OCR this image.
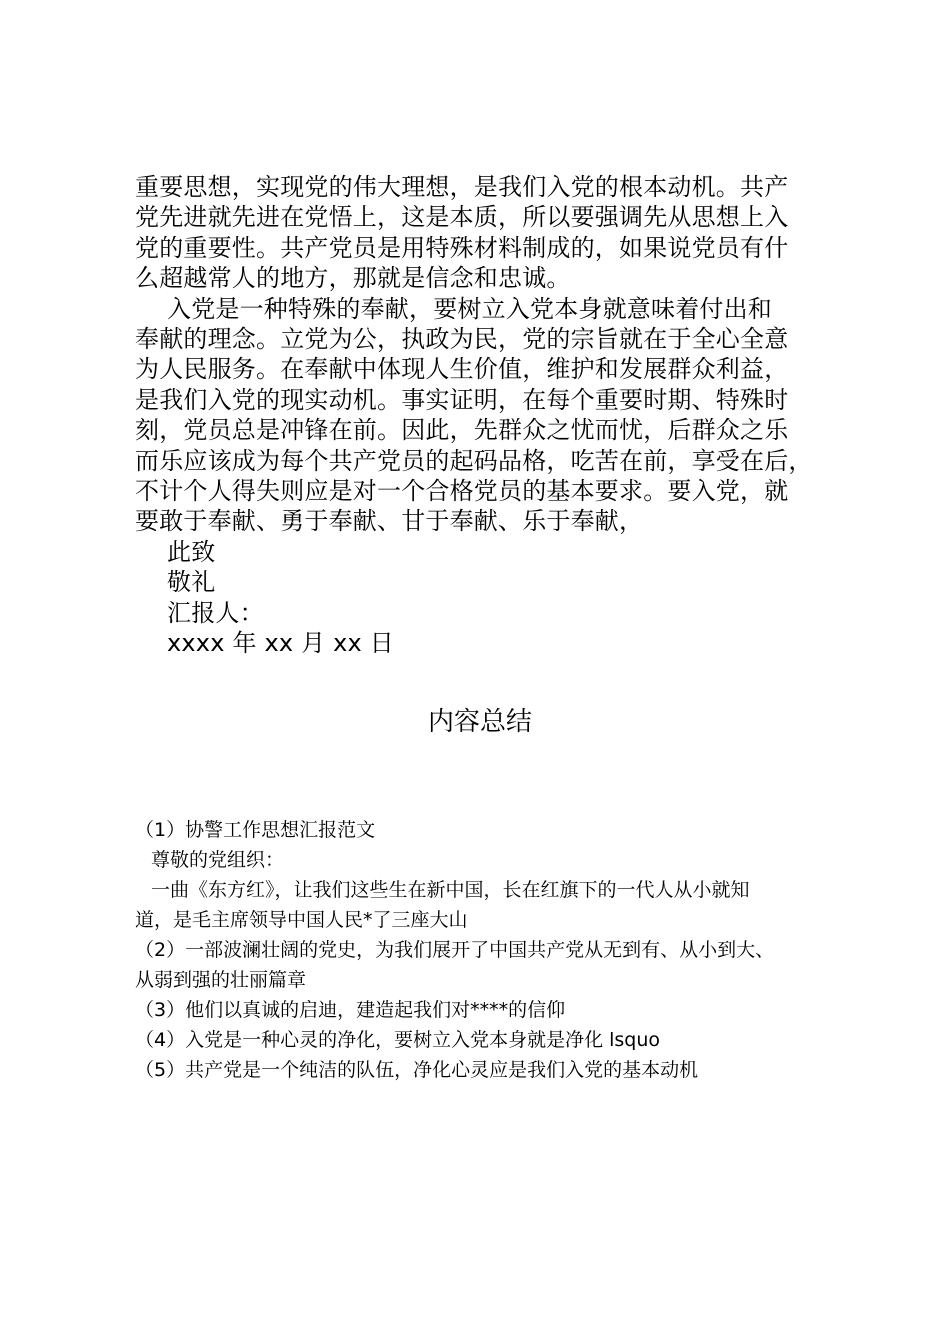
重要思想，实现党的伟大理想，是我们入党的根本动机。共产
党先进就先进在党悟上，这是本质，所以要强调先从思想上入
党的重要性。共产党员是用特殊材料制成的，如果说党员有什
么超越常人的地方，那就是信念和忠诚。
入党是一种特殊的奉献，要树立入党本身就意味着付出和
奉献的理念。立党为公，执政为民，党的宗旨就在于全心全意
为人民服务。在奉献中体现人生价值，维护和发展群众利益，
是我们入党的现实动机。事实证明，在每个重要时期、特殊时
刻，党员总是冲锋在前。因此，先群众之忧而忧，后群众之乐
而乐应该成为每个共产党员的起码品格，吃苦在前，享受在后，
不计个人得失则应是对一个合格党员的基本要求。要入党，就
要敢于奉献、勇于奉献、甘于奉献、乐于奉献，
此致
敬礼
汇报人：
xxxx 年 xx 月 xx 日
内容总结
（1）协警工作思想汇报范文
尊敬的党组织：
一曲《东方红》，让我们这些生在新中国，长在红旗下的一代人从小就知
道，是毛主席领导中国人民*了三座大山
（2）一部波澜壮阔的党史，为我们展开了中国共产党从无到有、从小到大、
从弱到强的壮丽篇章
（3）他们以真诚的启迪，建造起我们对****的信仰
（4）入党是一种心灵的净化，要树立入党本身就是净化 lsquo
（5）共产党是一个纯洁的队伍，净化心灵应是我们入党的基本动机
